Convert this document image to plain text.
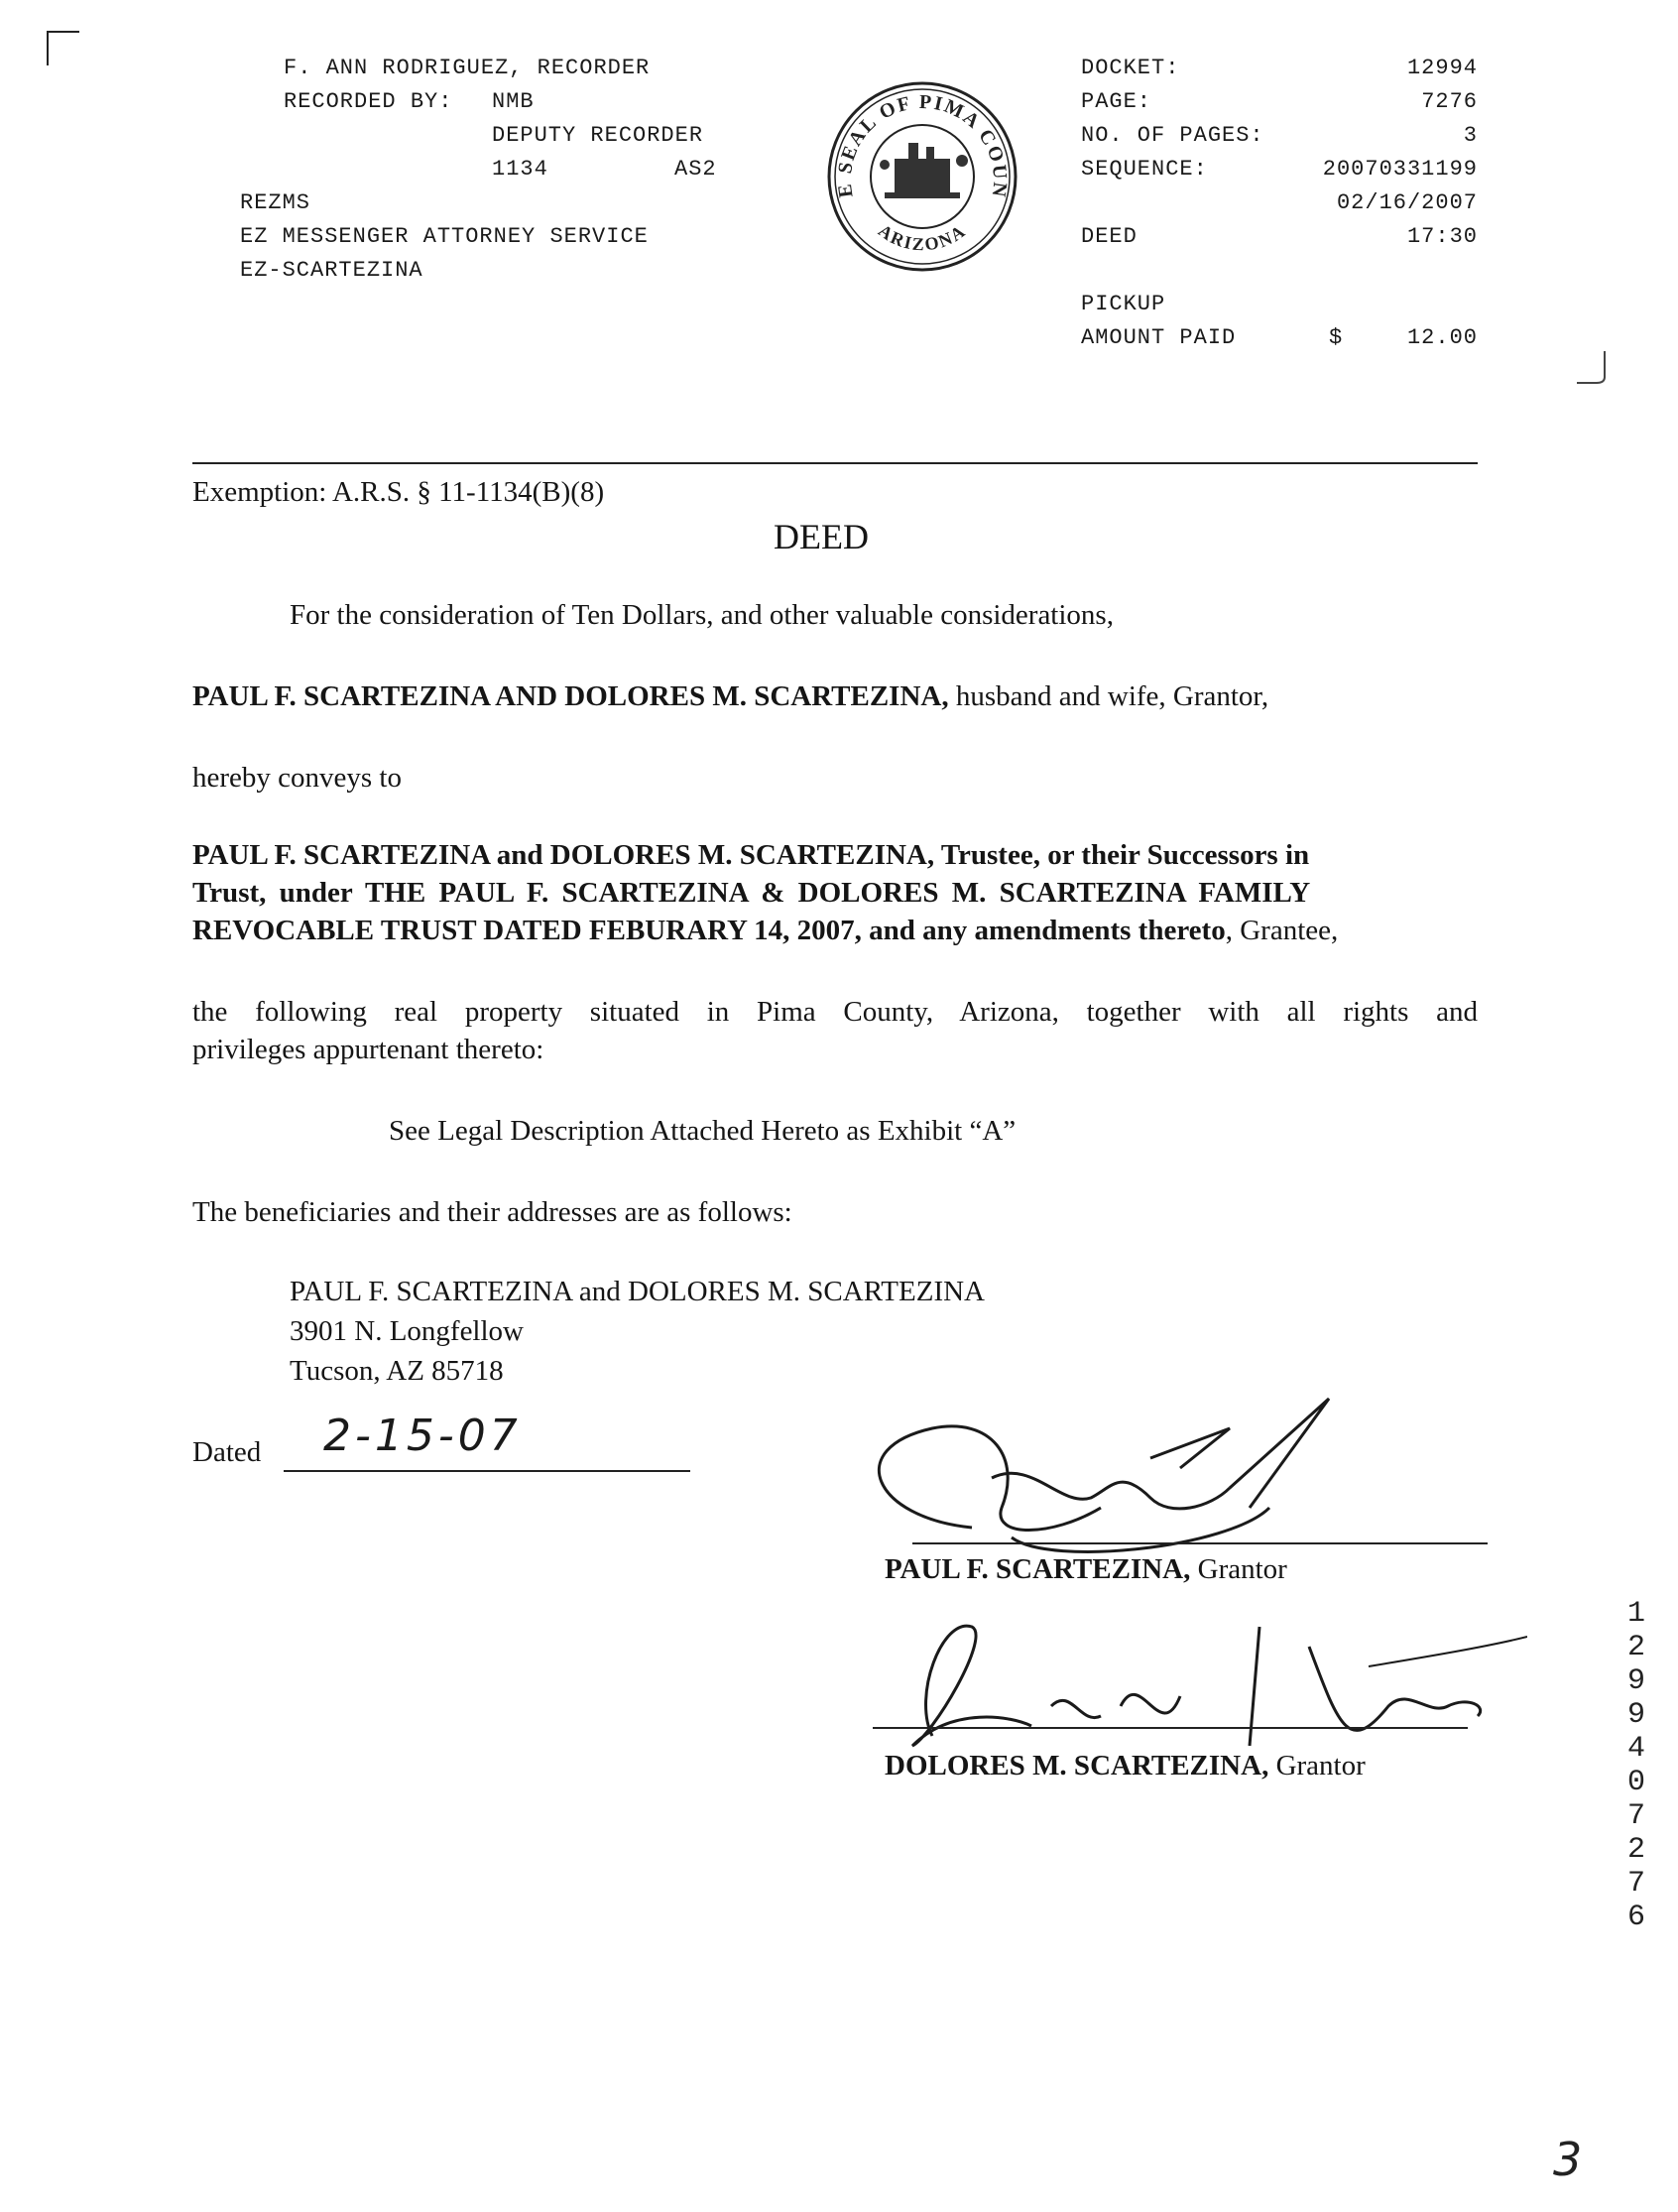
F. ANN RODRIGUEZ, RECORDER
RECORDED BY: NMB
DEPUTY RECORDER
1134	AS2
REZMS
EZ MESSENGER ATTORNEY SERVICE
EZ-SCARTEZINA
E SEAL OF PIMA COUN
ARIZONA
DOCKET:	12994
PAGE:	7276
NO. OF PAGES:	3
SEQUENCE:	20070331199
02/16/2007
DEED	17:30
PICKUP
AMOUNT PAID	$	12.00
Exemption: A.R.S. § 11-1134(B)(8)
DEED
For the consideration of Ten Dollars, and other valuable considerations,
PAUL F. SCARTEZINA AND DOLORES M. SCARTEZINA, husband and wife, Grantor,
hereby conveys to
PAUL F. SCARTEZINA and DOLORES M. SCARTEZINA, Trustee, or their Successors in
Trust, under THE PAUL F. SCARTEZINA & DOLORES M. SCARTEZINA FAMILY
REVOCABLE TRUST DATED FEBURARY 14, 2007, and any amendments thereto, Grantee,
the following real property situated in Pima County, Arizona, together with all rights and
privileges appurtenant thereto:
See Legal Description Attached Hereto as Exhibit “A”
The beneficiaries and their addresses are as follows:
PAUL F. SCARTEZINA and DOLORES M. SCARTEZINA
3901 N. Longfellow
Tucson, AZ 85718
Dated 2-15-07
PAUL F. SCARTEZINA, Grantor
DOLORES M. SCARTEZINA, Grantor
1
2
9
9
4
0
7
2
7
6
3
